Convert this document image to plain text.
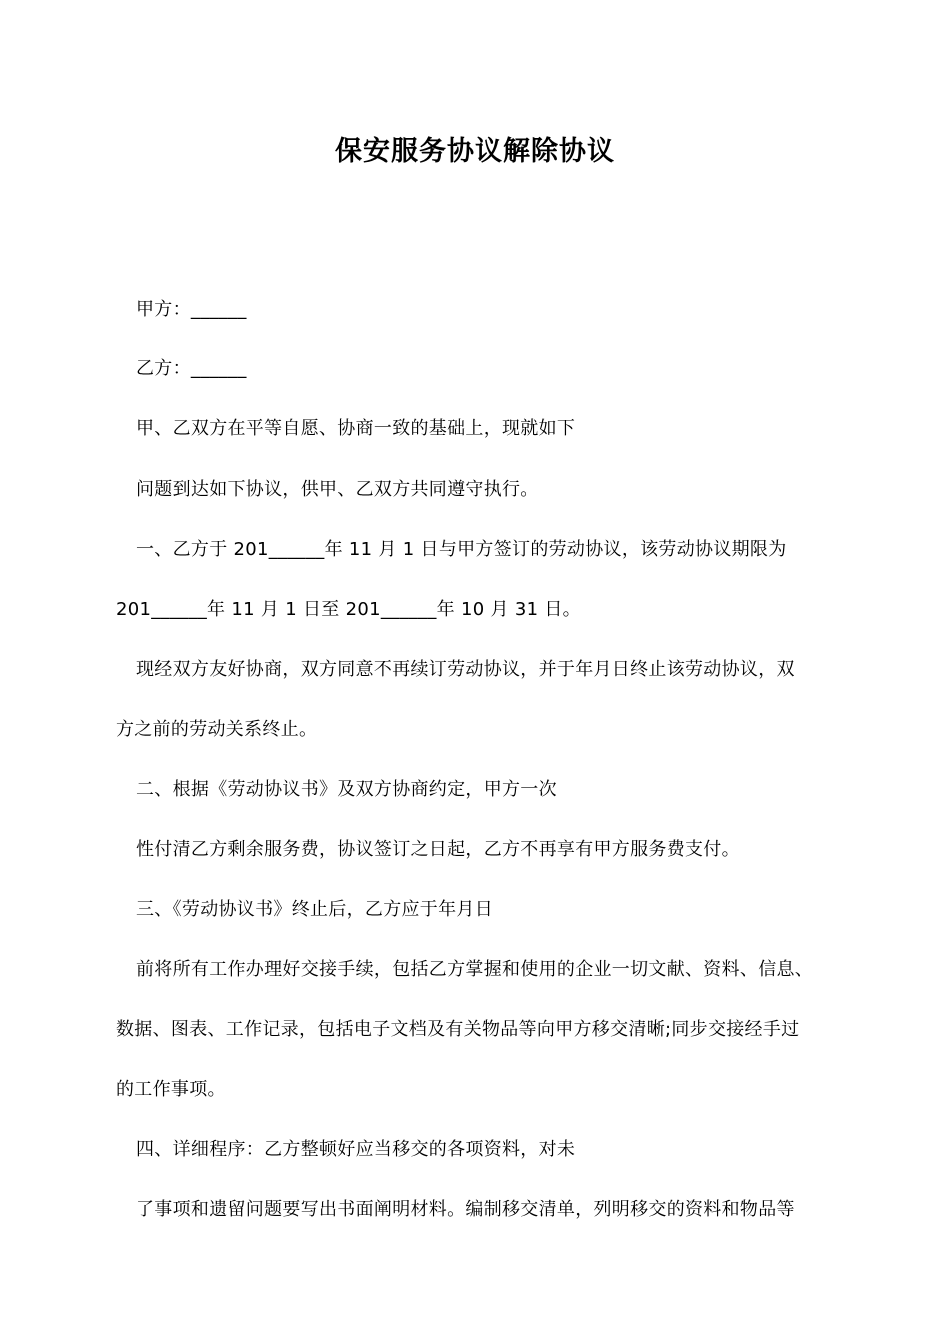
保安服务协议解除协议
甲方：______
乙方：______
甲、乙双方在平等自愿、协商一致的基础上，现就如下
问题到达如下协议，供甲、乙双方共同遵守执行。
一、乙方于 201______年 11 月 1 日与甲方签订的劳动协议，该劳动协议期限为
201______年 11 月 1 日至 201______年 10 月 31 日。
现经双方友好协商，双方同意不再续订劳动协议，并于年月日终止该劳动协议，双
方之前的劳动关系终止。
二、根据《劳动协议书》及双方协商约定，甲方一次
性付清乙方剩余服务费，协议签订之日起，乙方不再享有甲方服务费支付。
三、《劳动协议书》终止后，乙方应于年月日
前将所有工作办理好交接手续，包括乙方掌握和使用的企业一切文献、资料、信息、
数据、图表、工作记录，包括电子文档及有关物品等向甲方移交清晰;同步交接经手过
的工作事项。
四、详细程序：乙方整顿好应当移交的各项资料，对未
了事项和遗留问题要写出书面阐明材料。编制移交清单，列明移交的资料和物品等
